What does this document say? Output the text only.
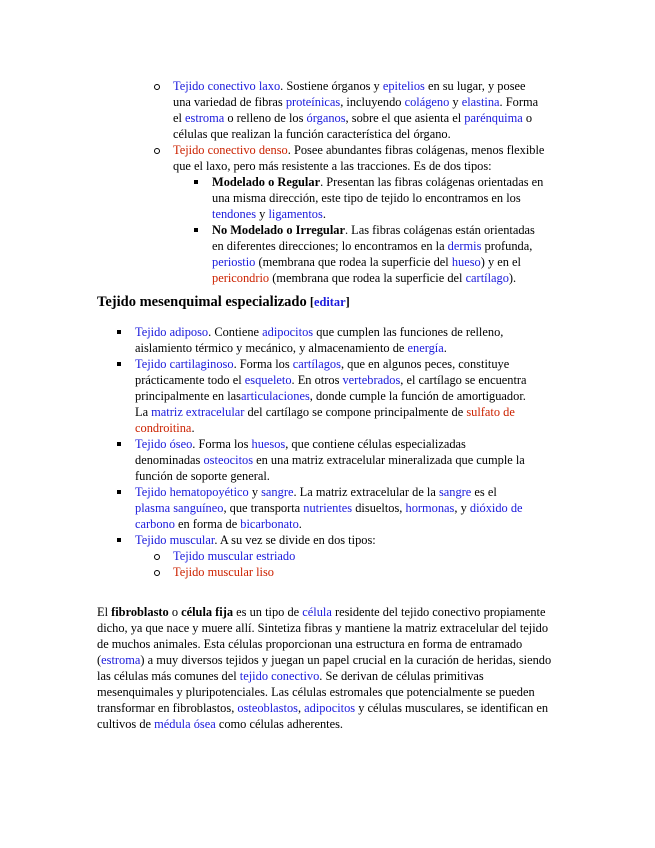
Tejido conectivo laxo. Sostiene órganos y epitelios en su lugar, y posee una variedad de fibras proteínicas, incluyendo colágeno y elastina. Forma el estroma o relleno de los órganos, sobre el que asienta el parénquima o células que realizan la función característica del órgano.
Tejido conectivo denso. Posee abundantes fibras colágenas, menos flexible que el laxo, pero más resistente a las tracciones. Es de dos tipos:
Modelado o Regular. Presentan las fibras colágenas orientadas en una misma dirección, este tipo de tejido lo encontramos en los tendones y ligamentos.
No Modelado o Irregular. Las fibras colágenas están orientadas en diferentes direcciones; lo encontramos en la dermis profunda, periostio (membrana que rodea la superficie del hueso) y en el pericondrio (membrana que rodea la superficie del cartílago).
Tejido mesenquimal especializado [editar]
Tejido adiposo. Contiene adipocitos que cumplen las funciones de relleno, aislamiento térmico y mecánico, y almacenamiento de energía.
Tejido cartilaginoso. Forma los cartílagos, que en algunos peces, constituye prácticamente todo el esqueleto. En otros vertebrados, el cartílago se encuentra principalmente en lasarticulaciones, donde cumple la función de amortiguador. La matriz extracelular del cartílago se compone principalmente de sulfato de condroitina.
Tejido óseo. Forma los huesos, que contiene células especializadas denominadas osteocitos en una matriz extracelular mineralizada que cumple la función de soporte general.
Tejido hematopoyético y sangre. La matriz extracelular de la sangre es el plasma sanguíneo, que transporta nutrientes disueltos, hormonas, y dióxido de carbono en forma de bicarbonato.
Tejido muscular. A su vez se divide en dos tipos:
Tejido muscular estriado
Tejido muscular liso

El fibroblasto o célula fija es un tipo de célula residente del tejido conectivo propiamente dicho, ya que nace y muere allí. Sintetiza fibras y mantiene la matriz extracelular del tejido de muchos animales. Esta células proporcionan una estructura en forma de entramado (estroma) a muy diversos tejidos y juegan un papel crucial en la curación de heridas, siendo las células más comunes del tejido conectivo. Se derivan de células primitivas mesenquimales y pluripotenciales. Las células estromales que potencialmente se pueden transformar en fibroblastos, osteoblastos, adipocitos y células musculares, se identifican en cultivos de médula ósea como células adherentes.
